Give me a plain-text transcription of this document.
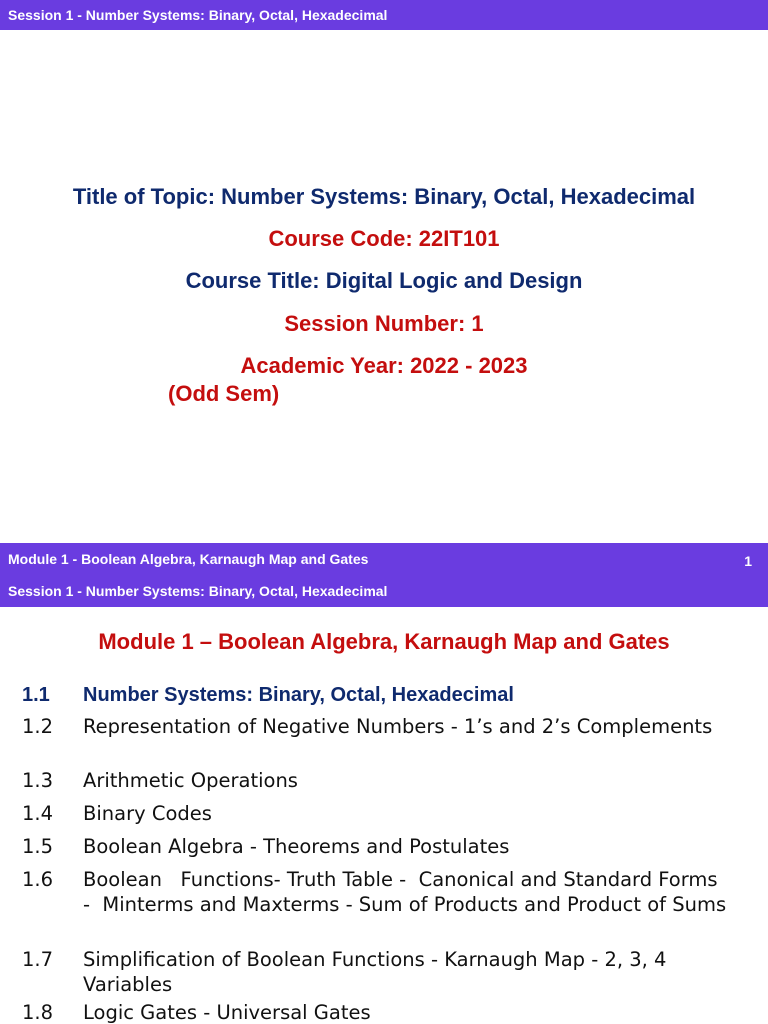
Session 1 - Number Systems: Binary, Octal, Hexadecimal
Title of Topic: Number Systems: Binary, Octal, Hexadecimal
Course Code: 22IT101
Course Title: Digital Logic and Design
Session Number: 1
Academic Year: 2022 - 2023
(Odd Sem)
Module 1 - Boolean Algebra, Karnaugh Map and Gates	1
Session 1 - Number Systems: Binary, Octal, Hexadecimal
Module 1 – Boolean Algebra, Karnaugh Map and Gates
1.1 Number Systems: Binary, Octal, Hexadecimal
1.2 Representation of Negative Numbers - 1’s and 2’s Complements
1.3 Arithmetic Operations
1.4 Binary Codes
1.5 Boolean Algebra - Theorems and Postulates
1.6 Boolean   Functions- Truth Table -  Canonical and Standard Forms      -  Minterms and Maxterms - Sum of Products and Product of Sums
1.7 Simplification of Boolean Functions - Karnaugh Map - 2, 3, 4 Variables
1.8 Logic Gates - Universal Gates
